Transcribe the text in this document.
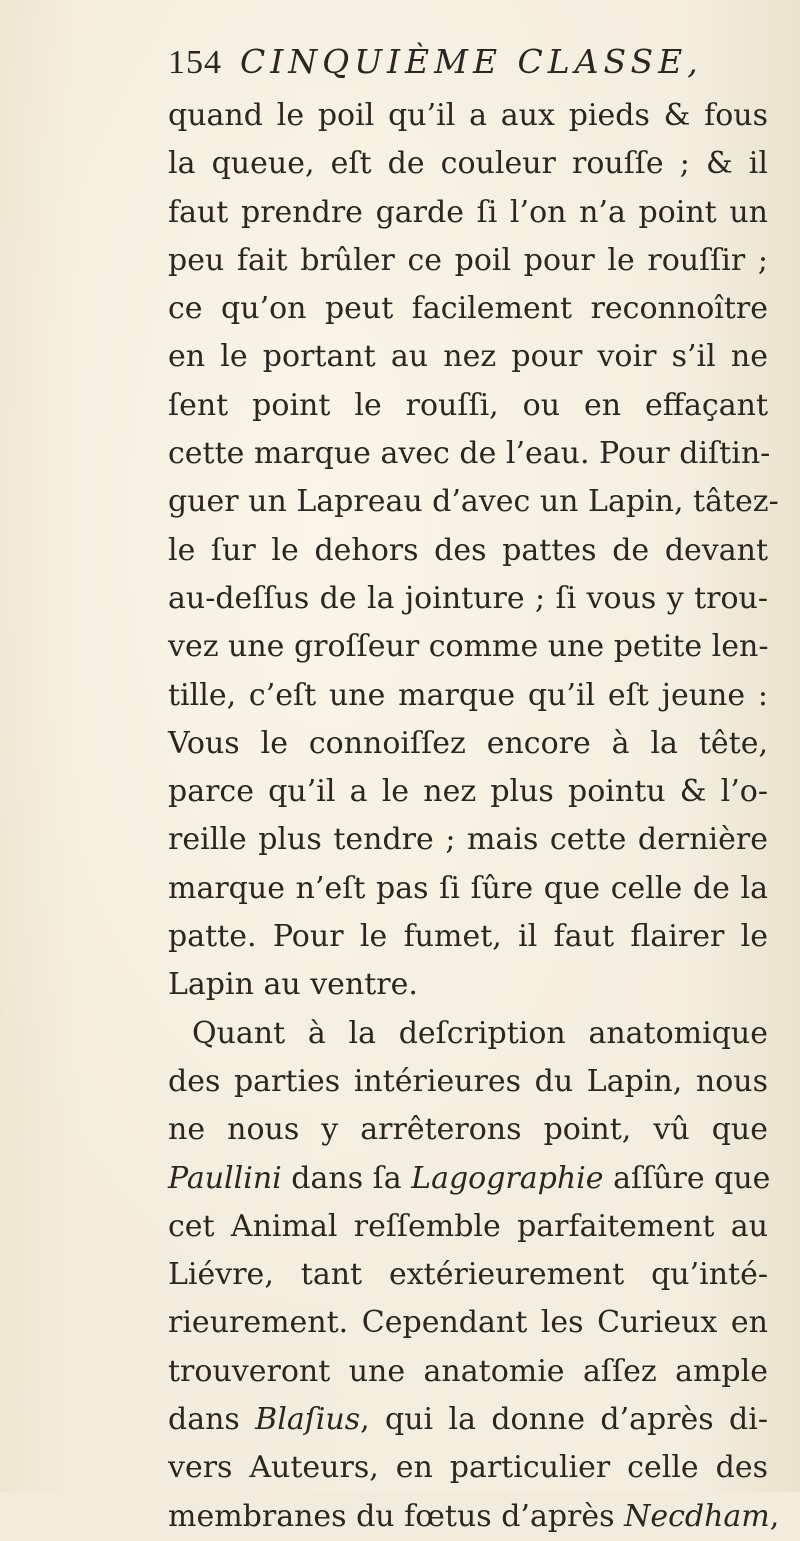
154 CINQUIÈME CLASSE,
quand le poil qu’il a aux pieds & fous
la queue, eſt de couleur rouſſe ; & il
faut prendre garde ſi l’on n’a point un
peu fait brûler ce poil pour le rouſſir ;
ce qu’on peut facilement reconnoître
en le portant au nez pour voir s’il ne
ſent point le rouſſi, ou en effaçant
cette marque avec de l’eau. Pour diſtin-
guer un Lapreau d’avec un Lapin, tâtez-
le ſur le dehors des pattes de devant
au-deſſus de la jointure ; ſi vous y trou-
vez une groſſeur comme une petite len-
tille, c’eſt une marque qu’il eſt jeune :
Vous le connoiſſez encore à la tête,
parce qu’il a le nez plus pointu & l’o-
reille plus tendre ; mais cette dernière
marque n’eſt pas ſi ſûre que celle de la
patte. Pour le fumet, il faut flairer le
Lapin au ventre.
Quant à la deſcription anatomique
des parties intérieures du Lapin, nous
ne nous y arrêterons point, vû que
Paullini dans ſa Lagographie aſſûre que
cet Animal reſſemble parfaitement au
Liévre, tant extérieurement qu’inté-
rieurement. Cependant les Curieux en
trouveront une anatomie aſſez ample
dans Blaſius, qui la donne d’après di-
vers Auteurs, en particulier celle des
membranes du fœtus d’après Necdham,
